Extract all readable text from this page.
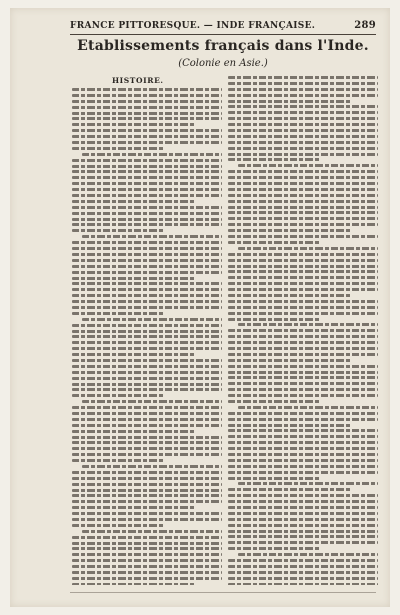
FRANCE PITTORESQUE. — INDE FRANÇAISE.	289
Etablissements français dans l'Inde.
(Colonie en Asie.)
HISTOIRE.
